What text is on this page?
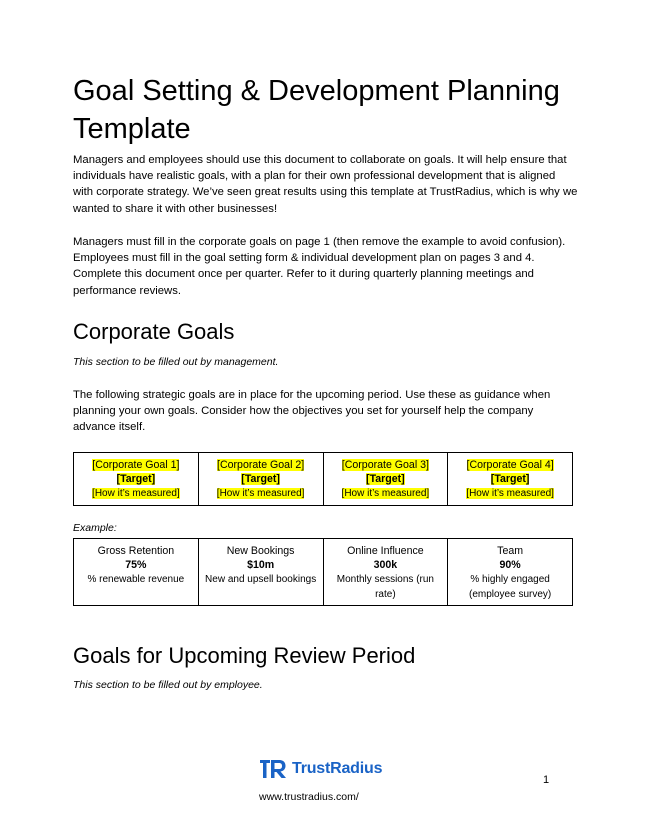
Goal Setting & Development Planning Template

Managers and employees should use this document to collaborate on goals. It will help ensure that individuals have realistic goals, with a plan for their own professional development that is aligned with corporate strategy. We’ve seen great results using this template at TrustRadius, which is why we wanted to share it with other businesses!

Managers must fill in the corporate goals on page 1 (then remove the example to avoid confusion). Employees must fill in the goal setting form & individual development plan on pages 3 and 4. Complete this document once per quarter. Refer to it during quarterly planning meetings and performance reviews.

Corporate Goals

This section to be filled out by management.

The following strategic goals are in place for the upcoming period. Use these as guidance when planning your own goals. Consider how the objectives you set for yourself help the company advance itself.

[Corporate Goal 1]
[Target]
[How it’s measured]	[Corporate Goal 2]
[Target]
[How it’s measured]	[Corporate Goal 3]
[Target]
[How it’s measured]	[Corporate Goal 4]
[Target]
[How it’s measured]

Example:

Gross Retention
75%
% renewable revenue	New Bookings
$10m
New and upsell bookings	Online Influence
300k
Monthly sessions (run rate)	Team
90%
% highly engaged (employee survey)
Goals for Upcoming Review Period

This section to be filled out by employee.

TrustRadius
1
www.trustradius.com/
